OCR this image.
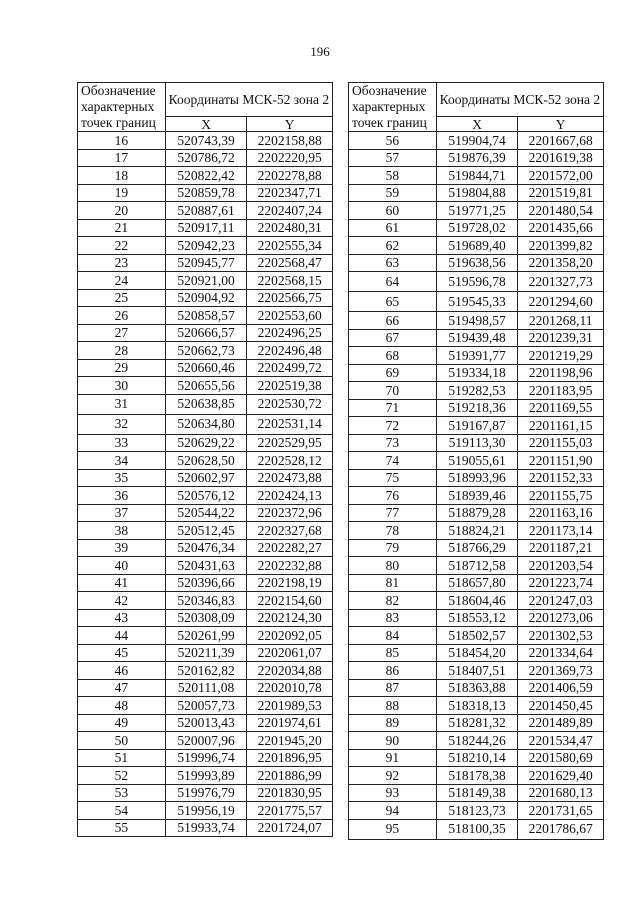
196
Обозначение характерных точек границ	Координаты МСК-52 зона 2	
	X	Y
16	520743,39	2202158,88
17	520786,72	2202220,95
18	520822,42	2202278,88
19	520859,78	2202347,71
20	520887,61	2202407,24
21	520917,11	2202480,31
22	520942,23	2202555,34
23	520945,77	2202568,47
24	520921,00	2202568,15
25	520904,92	2202566,75
26	520858,57	2202553,60
27	520666,57	2202496,25
28	520662,73	2202496,48
29	520660,46	2202499,72
30	520655,56	2202519,38
31	520638,85	2202530,72
32	520634,80	2202531,14
33	520629,22	2202529,95
34	520628,50	2202528,12
35	520602,97	2202473,88
36	520576,12	2202424,13
37	520544,22	2202372,96
38	520512,45	2202327,68
39	520476,34	2202282,27
40	520431,63	2202232,88
41	520396,66	2202198,19
42	520346,83	2202154,60
43	520308,09	2202124,30
44	520261,99	2202092,05
45	520211,39	2202061,07
46	520162,82	2202034,88
47	520111,08	2202010,78
48	520057,73	2201989,53
49	520013,43	2201974,61
50	520007,96	2201945,20
51	519996,74	2201896,95
52	519993,89	2201886,99
53	519976,79	2201830,95
54	519956,19	2201775,57
55	519933,74	2201724,07
Обозначение характерных точек границ	Координаты МСК-52 зона 2	
	X	Y
56	519904,74	2201667,68
57	519876,39	2201619,38
58	519844,71	2201572,00
59	519804,88	2201519,81
60	519771,25	2201480,54
61	519728,02	2201435,66
62	519689,40	2201399,82
63	519638,56	2201358,20
64	519596,78	2201327,73
65	519545,33	2201294,60
66	519498,57	2201268,11
67	519439,48	2201239,31
68	519391,77	2201219,29
69	519334,18	2201198,96
70	519282,53	2201183,95
71	519218,36	2201169,55
72	519167,87	2201161,15
73	519113,30	2201155,03
74	519055,61	2201151,90
75	518993,96	2201152,33
76	518939,46	2201155,75
77	518879,28	2201163,16
78	518824,21	2201173,14
79	518766,29	2201187,21
80	518712,58	2201203,54
81	518657,80	2201223,74
82	518604,46	2201247,03
83	518553,12	2201273,06
84	518502,57	2201302,53
85	518454,20	2201334,64
86	518407,51	2201369,73
87	518363,88	2201406,59
88	518318,13	2201450,45
89	518281,32	2201489,89
90	518244,26	2201534,47
91	518210,14	2201580,69
92	518178,38	2201629,40
93	518149,38	2201680,13
94	518123,73	2201731,65
95	518100,35	2201786,67
